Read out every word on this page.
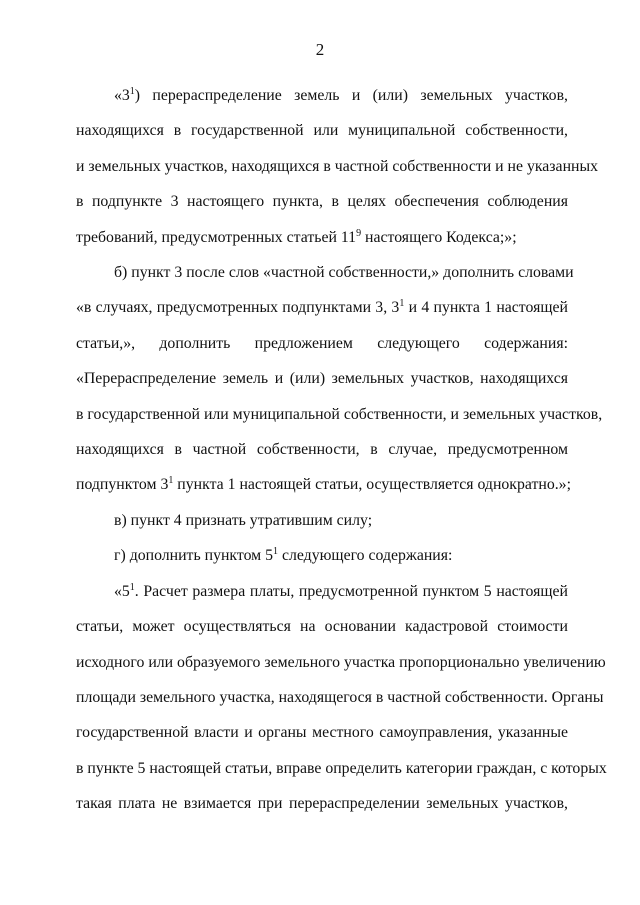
2
«$3^1$) перераспределение земель и (или) земельных участков,
находящихся в государственной или муниципальной собственности,
и земельных участков, находящихся в частной собственности и не указанных
в подпункте 3 настоящего пункта, в целях обеспечения соблюдения
требований, предусмотренных статьей $11^9$ настоящего Кодекса;»;
б) пункт 3 после слов «частной собственности,» дополнить словами
«в случаях, предусмотренных подпунктами 3, $3^1$ и 4 пункта 1 настоящей
статьи,», дополнить предложением следующего содержания:
«Перераспределение земель и (или) земельных участков, находящихся
в государственной или муниципальной собственности, и земельных участков,
находящихся в частной собственности, в случае, предусмотренном
подпунктом $3^1$ пункта 1 настоящей статьи, осуществляется однократно.»;
в) пункт 4 признать утратившим силу;
г) дополнить пунктом $5^1$ следующего содержания:
«$5^1$. Расчет размера платы, предусмотренной пунктом 5 настоящей
статьи, может осуществляться на основании кадастровой стоимости
исходного или образуемого земельного участка пропорционально увеличению
площади земельного участка, находящегося в частной собственности. Органы
государственной власти и органы местного самоуправления, указанные
в пункте 5 настоящей статьи, вправе определить категории граждан, с которых
такая плата не взимается при перераспределении земельных участков,
